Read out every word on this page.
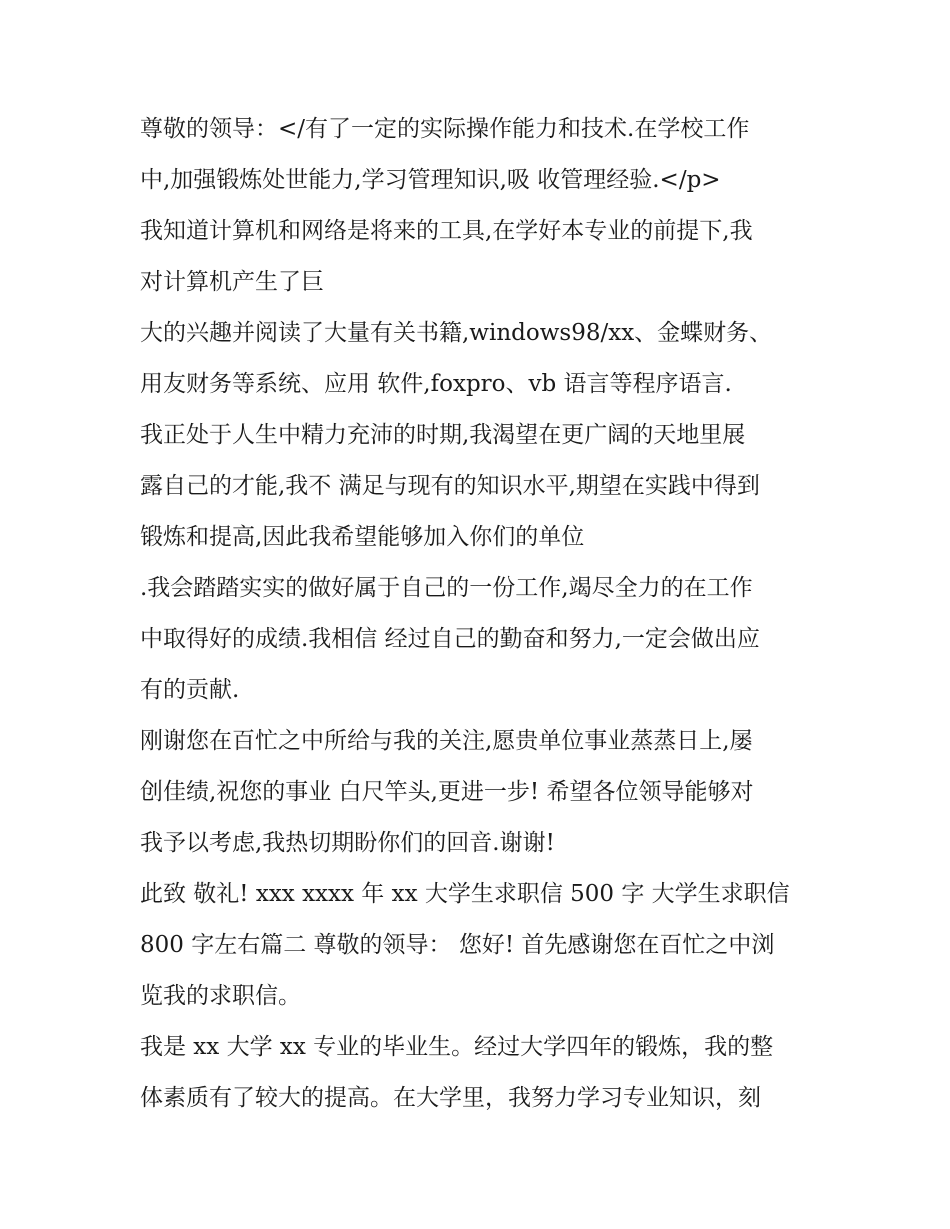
尊敬的领导：</有了一定的实际操作能力和技术.在学校工作
中,加强锻炼处世能力,学习管理知识,吸 收管理经验.</p>
我知道计算机和网络是将来的工具,在学好本专业的前提下,我
对计算机产生了巨
大的兴趣并阅读了大量有关书籍,windows98/xx、金蝶财务、
用友财务等系统、应用 软件,foxpro、vb 语言等程序语言.
我正处于人生中精力充沛的时期,我渴望在更广阔的天地里展
露自己的才能,我不 满足与现有的知识水平,期望在实践中得到
锻炼和提高,因此我希望能够加入你们的单位
.我会踏踏实实的做好属于自己的一份工作,竭尽全力的在工作
中取得好的成绩.我相信 经过自己的勤奋和努力,一定会做出应
有的贡献.
刚谢您在百忙之中所给与我的关注,愿贵单位事业蒸蒸日上,屡
创佳绩,祝您的事业 白尺竿头,更进一步! 希望各位领导能够对
我予以考虑,我热切期盼你们的回音.谢谢!
此致 敬礼! xxx xxxx 年 xx 大学生求职信 500 字 大学生求职信
800 字左右篇二 尊敬的领导： 您好! 首先感谢您在百忙之中浏
览我的求职信。
我是 xx 大学 xx 专业的毕业生。经过大学四年的锻炼，我的整
体素质有了较大的提高。在大学里，我努力学习专业知识，刻
